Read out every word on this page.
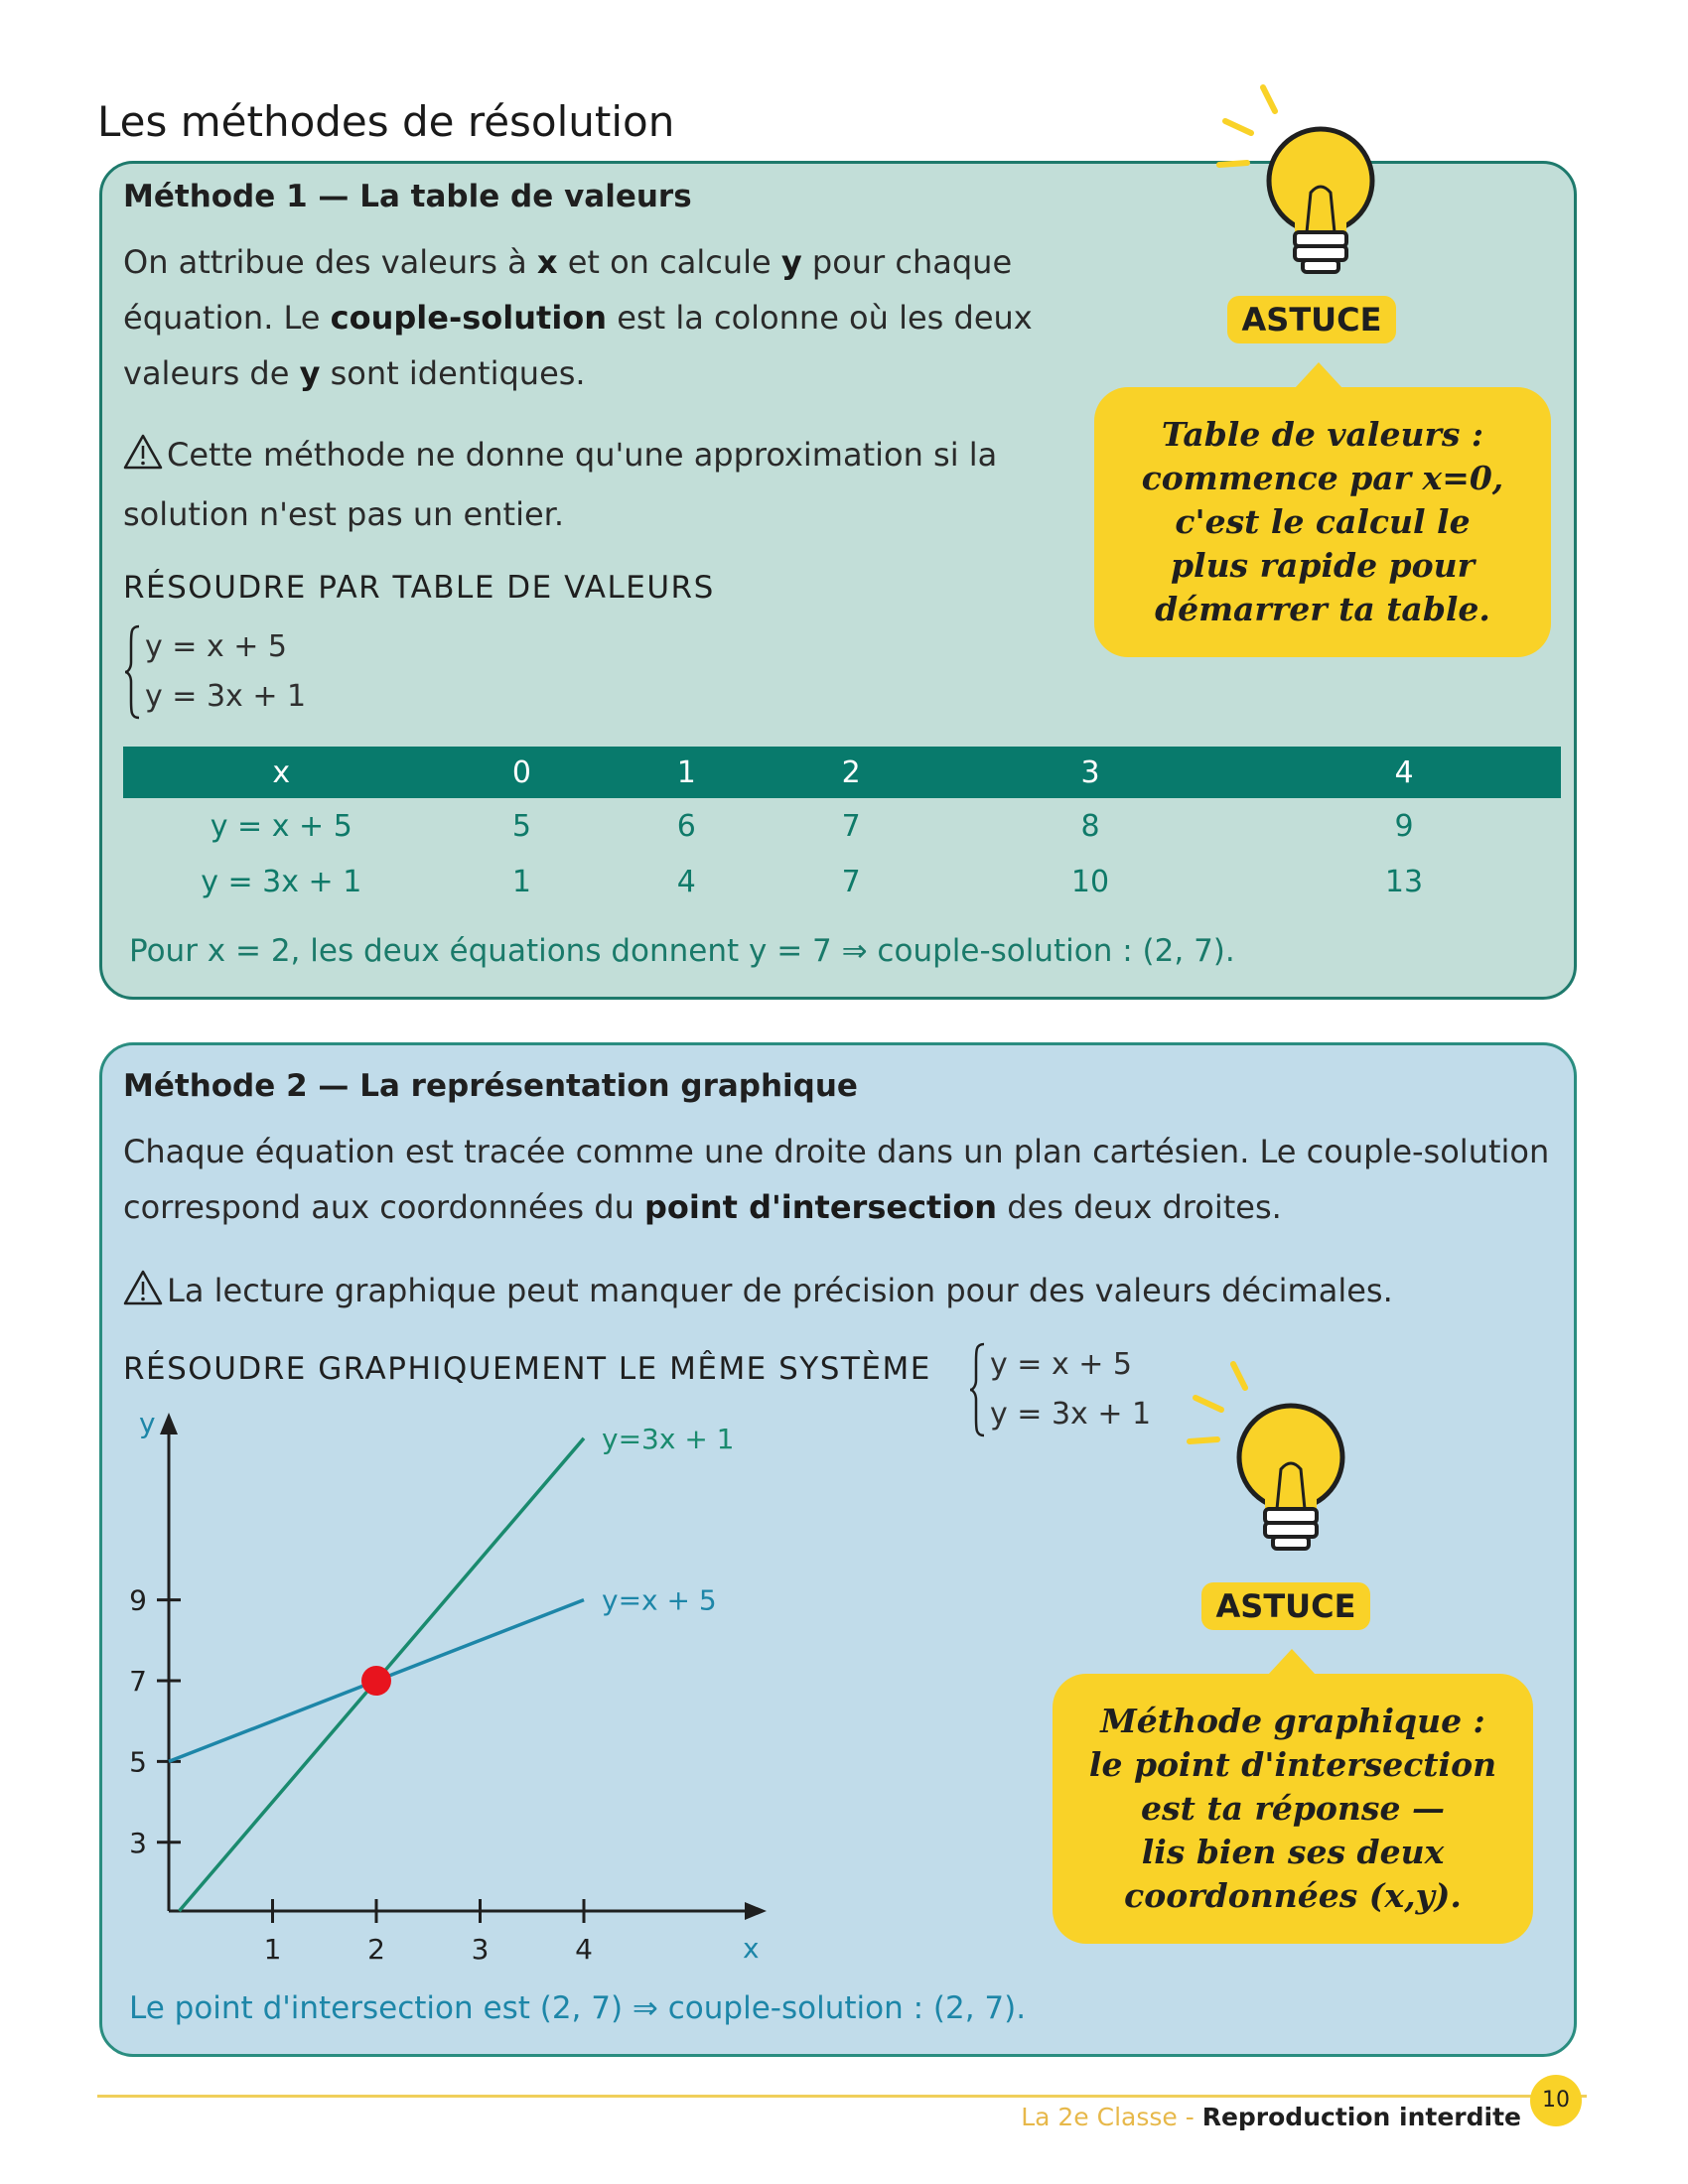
Les méthodes de résolution
Méthode 1 — La table de valeurs
On attribue des valeurs à x et on calcule y pour chaque équation. Le couple-solution est la colonne où les deux valeurs de y sont identiques.
Cette méthode ne donne qu'une approximation si la solution n'est pas un entier.
RÉSOUDRE PAR TABLE DE VALEURS
y = x + 5
y = 3x + 1
x	0	1	2	3	4
y = x + 5	5	6	7	8	9
y = 3x + 1	1	4	7	10	13
Pour x = 2, les deux équations donnent y = 7 ⇒ couple-solution : (2, 7).
ASTUCE
Table de valeurs :
commence par x=0,
c'est le calcul le
plus rapide pour
démarrer ta table.
Méthode 2 — La représentation graphique
Chaque équation est tracée comme une droite dans un plan cartésien. Le couple-solution correspond aux coordonnées du point d'intersection des deux droites.
La lecture graphique peut manquer de précision pour des valeurs décimales.
RÉSOUDRE GRAPHIQUEMENT LE MÊME SYSTÈME y = x + 5
y = 3x + 1
x
y
1	2	3	4
3
5
7
9
y=3x + 1
y=x + 5	ASTUCE
Méthode graphique :
le point d'intersection
est ta réponse —
lis bien ses deux
coordonnées (x,y).
Le point d'intersection est (2, 7) ⇒ couple-solution : (2, 7).
La 2e Classe - Reproduction interdite
10
